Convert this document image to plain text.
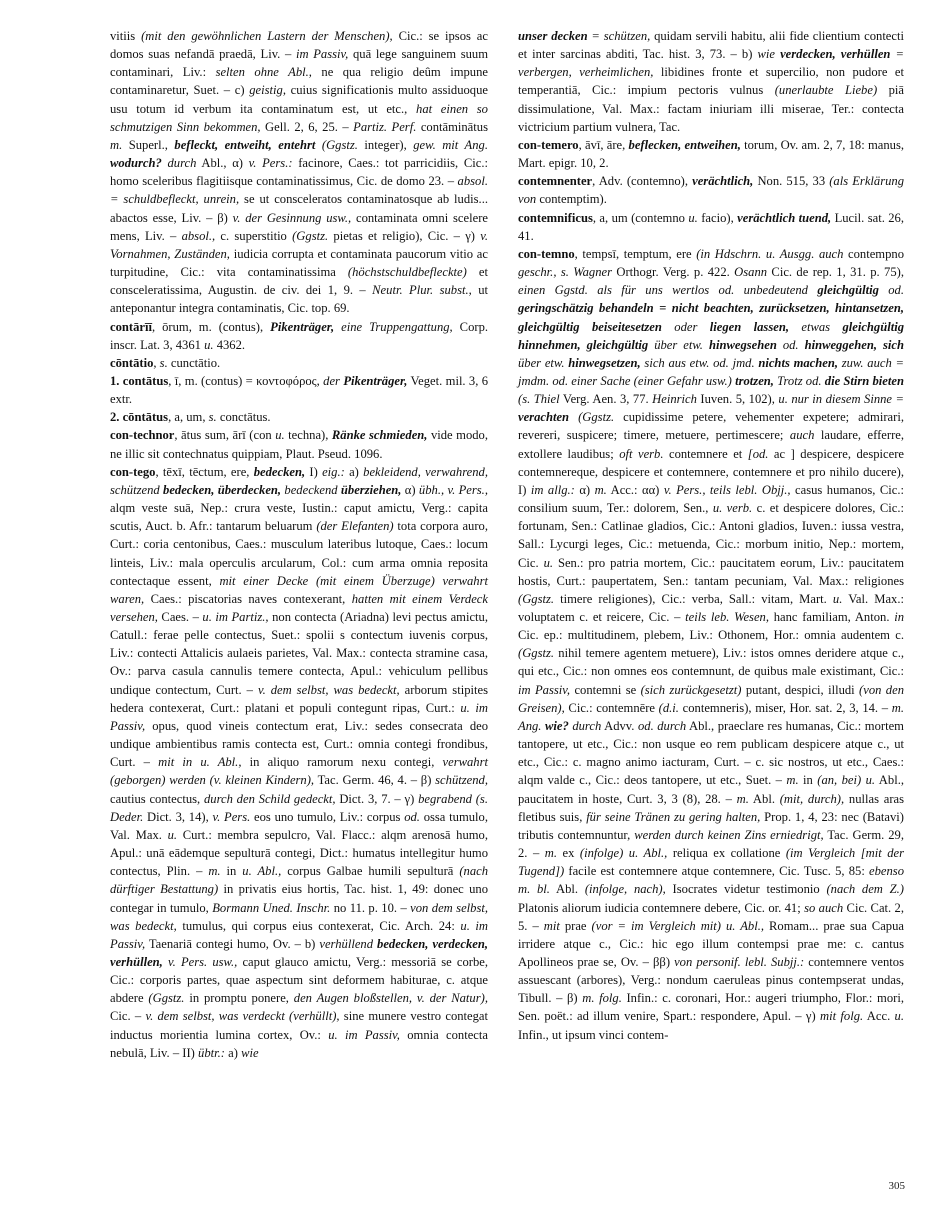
vitiis (mit den gewöhnlichen Lastern der Menschen), Cic.: se ipsos ac domos suas nefandā praedā, Liv. – im Passiv, quā lege sanguinem suum contaminari, Liv.: selten ohne Abl., ne qua religio deûm impune contaminaretur, Suet. – c) geistig, cuius significationis multo assiduoque usu totum id verbum ita contaminatum est, ut etc., hat einen so schmutzigen Sinn bekommen, Gell. 2, 6, 25. – Partiz. Perf. contāminātus m. Superl., befleckt, entweiht, entehrt (Ggstz. integer), gew. mit Ang. wodurch? durch Abl., α) v. Pers.: facinore, Caes.: tot parricidiis, Cic.: homo sceleribus flagitiisque contaminatissimus, Cic. de domo 23. – absol. = schuldbefleckt, unrein, se ut consceleratos contaminatosque ab ludis... abactos esse, Liv. – β) v. der Gesinnung usw., contaminata omni scelere mens, Liv. – absol., c. superstitio (Ggstz. pietas et religio), Cic. – γ) v. Vornahmen, Zuständen, iudicia corrupta et contaminata paucorum vitio ac turpitudine, Cic.: vita contaminatissima (höchstschuldbefleckte) et consceleratissima, Augustin. de civ. dei 1, 9. – Neutr. Plur. subst., ut anteponantur integra contaminatis, Cic. top. 69.

contārīī, ōrum, m. (contus), Pikenträger, eine Truppengattung, Corp. inscr. Lat. 3, 4361 u. 4362.

cōntātio, s. cunctātio.

1. contātus, ī, m. (contus) = κοντοφόρος, der Pikenträger, Veget. mil. 3, 6 extr.

2. cōntātus, a, um, s. conctātus.

con-technor, ātus sum, ārī (con u. techna), Ränke schmieden, vide modo, ne illic sit contechnatus quippiam, Plaut. Pseud. 1096.

con-tego, tēxī, tēctum, ere, bedecken, I) eig.: a) bekleidend, verwahrend, schützend bedecken, überdecken, bedeckend überziehen, α) übh., v. Pers., alqm veste suā, Nep.: crura veste, Iustin.: caput amictu, Verg.: capita scutis, Auct. b. Afr.: tantarum beluarum (der Elefanten) tota corpora auro, Curt.: coria centonibus, Caes.: musculum lateribus lutoque, Caes.: locum linteis, Liv.: mala operculis arcularum, Col.: cum arma omnia reposita contectaque essent, mit einer Decke (mit einem Überzuge) verwahrt waren, Caes.: piscatorias naves contexerant, hatten mit einem Verdeck versehen, Caes. – u. im Partiz., non contecta (Ariadna) levi pectus amictu, Catull.: ferae pelle contectus, Suet.: spolii s contectum iuvenis corpus, Liv.: contecti Attalicis aulaeis parietes, Val. Max.: contecta stramine casa, Ov.: parva casula cannulis temere contecta, Apul.: vehiculum pellibus undique contectum, Curt. – v. dem selbst, was bedeckt, arborum stipites hedera contexerat, Curt.: platani et populi contegunt ripas, Curt.: u. im Passiv, opus, quod vineis contectum erat, Liv.: sedes consecrata deo undique ambientibus ramis contecta est, Curt.: omnia contegi frondibus, Curt. – mit in u. Abl., in aliquo ramorum nexu contegi, verwahrt (geborgen) werden (v. kleinen Kindern), Tac. Germ. 46, 4. – β) schützend, cautius contectus, durch den Schild gedeckt, Dict. 3, 7. – γ) begrabend (s. Deder. Dict. 3, 14), v. Pers. eos uno tumulo, Liv.: corpus od. ossa tumulo, Val. Max. u. Curt.: membra sepulcro, Val. Flacc.: alqm arenosā humo, Apul.: unā eādemque sepulturā contegi, Dict.: humatus intellegitur humo contectus, Plin. – m. in u. Abl., corpus Galbae humili sepulturā (nach dürftiger Bestattung) in privatis eius hortis, Tac. hist. 1, 49: donec uno contegar in tumulo, Bormann Uned. Inschr. no 11. p. 10. – von dem selbst, was bedeckt, tumulus, qui corpus eius contexerat, Cic. Arch. 24: u. im Passiv, Taenariā contegi humo, Ov. – b) verhüllend bedecken, verdecken, verhüllen, v. Pers. usw., caput glauco amictu, Verg.: messoriā se corbe, Cic.: corporis partes, quae aspectum sint deformem habiturae, c. atque abdere (Ggstz. in promptu ponere, den Augen bloßstellen, v. der Natur), Cic. – v. dem selbst, was verdeckt (verhüllt), sine munere vestro contegat inductus morientia lumina cortex, Ov.: u. im Passiv, omnia contecta nebulā, Liv. – II) übtr.: a) wie

unser decken = schützen, quidam servili habitu, alii fide clientium contecti et inter sarcinas abditi, Tac. hist. 3, 73. – b) wie verdecken, verhüllen = verbergen, verheimlichen, libidines fronte et supercilio, non pudore et temperantiā, Cic.: impium pectoris vulnus (unerlaubte Liebe) piā dissimulatione, Val. Max.: factam iniuriam illi miserae, Ter.: contecta victricium partium vulnera, Tac.

con-temero, āvī, āre, beflecken, entweihen, torum, Ov. am. 2, 7, 18: manus, Mart. epigr. 10, 2.

contemnenter, Adv. (contemno), verächtlich, Non. 515, 33 (als Erklärung von contemptim).

contemnificus, a, um (contemno u. facio), verächtlich tuend, Lucil. sat. 26, 41.

con-temno, tempsī, temptum, ere (in Hdschrn. u. Ausgg. auch contempno geschr., s. Wagner Orthogr. Verg. p. 422. Osann Cic. de rep. 1, 31. p. 75), einen Ggstd. als für uns wertlos od. unbedeutend gleichgültig od. geringschätzig behandeln = nicht beachten, zurücksetzen, hintansetzen, gleichgültig beiseitesetzen oder liegen lassen, etwas gleichgültig hinnehmen, gleichgültig über etw. hinwegsehen od. hinweggehen, sich über etw. hinwegsetzen, sich aus etw. od. jmd. nichts machen, zuw. auch = jmdm. od. einer Sache (einer Gefahr usw.) trotzen, Trotz od. die Stirn bieten (s. Thiel Verg. Aen. 3, 77. Heinrich Iuven. 5, 102), u. nur in diesem Sinne = verachten (Ggstz. cupidissime petere, vehementer expetere; admirari, revereri, suspicere; timere, metuere, pertimescere; auch laudare, efferre, extollere laudibus; oft verb. contemnere et [od. ac ] despicere, despicere contemnereque, despicere et contemnere, contemnere et pro nihilo ducere), I) im allg.: α) m. Acc.: αα) v. Pers., teils lebl. Objj., casus humanos, Cic.: consilium suum, Ter.: dolorem, Sen., u. verb. c. et despicere dolores, Cic.: fortunam, Sen.: Catlinae gladios, Cic.: Antoni gladios, Iuven.: iussa vestra, Sall.: Lycurgi leges, Cic.: metuenda, Cic.: morbum initio, Nep.: mortem, Cic. u. Sen.: pro patria mortem, Cic.: paucitatem eorum, Liv.: paucitatem hostis, Curt.: paupertatem, Sen.: tantam pecuniam, Val. Max.: religiones (Ggstz. timere religiones), Cic.: verba, Sall.: vitam, Mart. u. Val. Max.: voluptatem c. et reicere, Cic. – teils leb. Wesen, hanc familiam, Anton. in Cic. ep.: multitudinem, plebem, Liv.: Othonem, Hor.: omnia audentem c. (Ggstz. nihil temere agentem metuere), Liv.: istos omnes deridere atque c., qui etc., Cic.: non omnes eos contemnunt, de quibus male existimant, Cic.: im Passiv, contemni se (sich zurückgesetzt) putant, despici, illudi (von den Greisen), Cic.: contemnēre (d.i. contemneris), miser, Hor. sat. 2, 3, 14. – m. Ang. wie? durch Advv. od. durch Abl., praeclare res humanas, Cic.: mortem tantopere, ut etc., Cic.: non usque eo rem publicam despicere atque c., ut etc., Cic.: c. magno animo iacturam, Curt. – c. sic nostros, ut etc., Caes.: alqm valde c., Cic.: deos tantopere, ut etc., Suet. – m. in (an, bei) u. Abl., paucitatem in hoste, Curt. 3, 3 (8), 28. – m. Abl. (mit, durch), nullas aras fletibus suis, für seine Tränen zu gering halten, Prop. 1, 4, 23: nec (Batavi) tributis contemnuntur, werden durch keinen Zins erniedrigt, Tac. Germ. 29, 2. – m. ex (infolge) u. Abl., reliqua ex collatione (im Vergleich [mit der Tugend]) facile est contemnere atque contemnere, Cic. Tusc. 5, 85: ebenso m. bl. Abl. (infolge, nach), Isocrates videtur testimonio (nach dem Z.) Platonis aliorum iudicia contemnere debere, Cic. or. 41; so auch Cic. Cat. 2, 5. – mit prae (vor = im Vergleich mit) u. Abl., Romam... prae sua Capua irridere atque c., Cic.: hic ego illum contempsi prae me: c. cantus Apollineos prae se, Ov. – ββ) von personif. lebl. Subjj.: contemnere ventos assuescant (arbores), Verg.: nondum caeruleas pinus contempserat undas, Tibull. – β) m. folg. Infin.: c. coronari, Hor.: augeri triumpho, Flor.: mori, Sen. poët.: ad illum venire, Spart.: respondere, Apul. – γ) mit folg. Acc. u. Infin., ut ipsum vinci contem-

305
